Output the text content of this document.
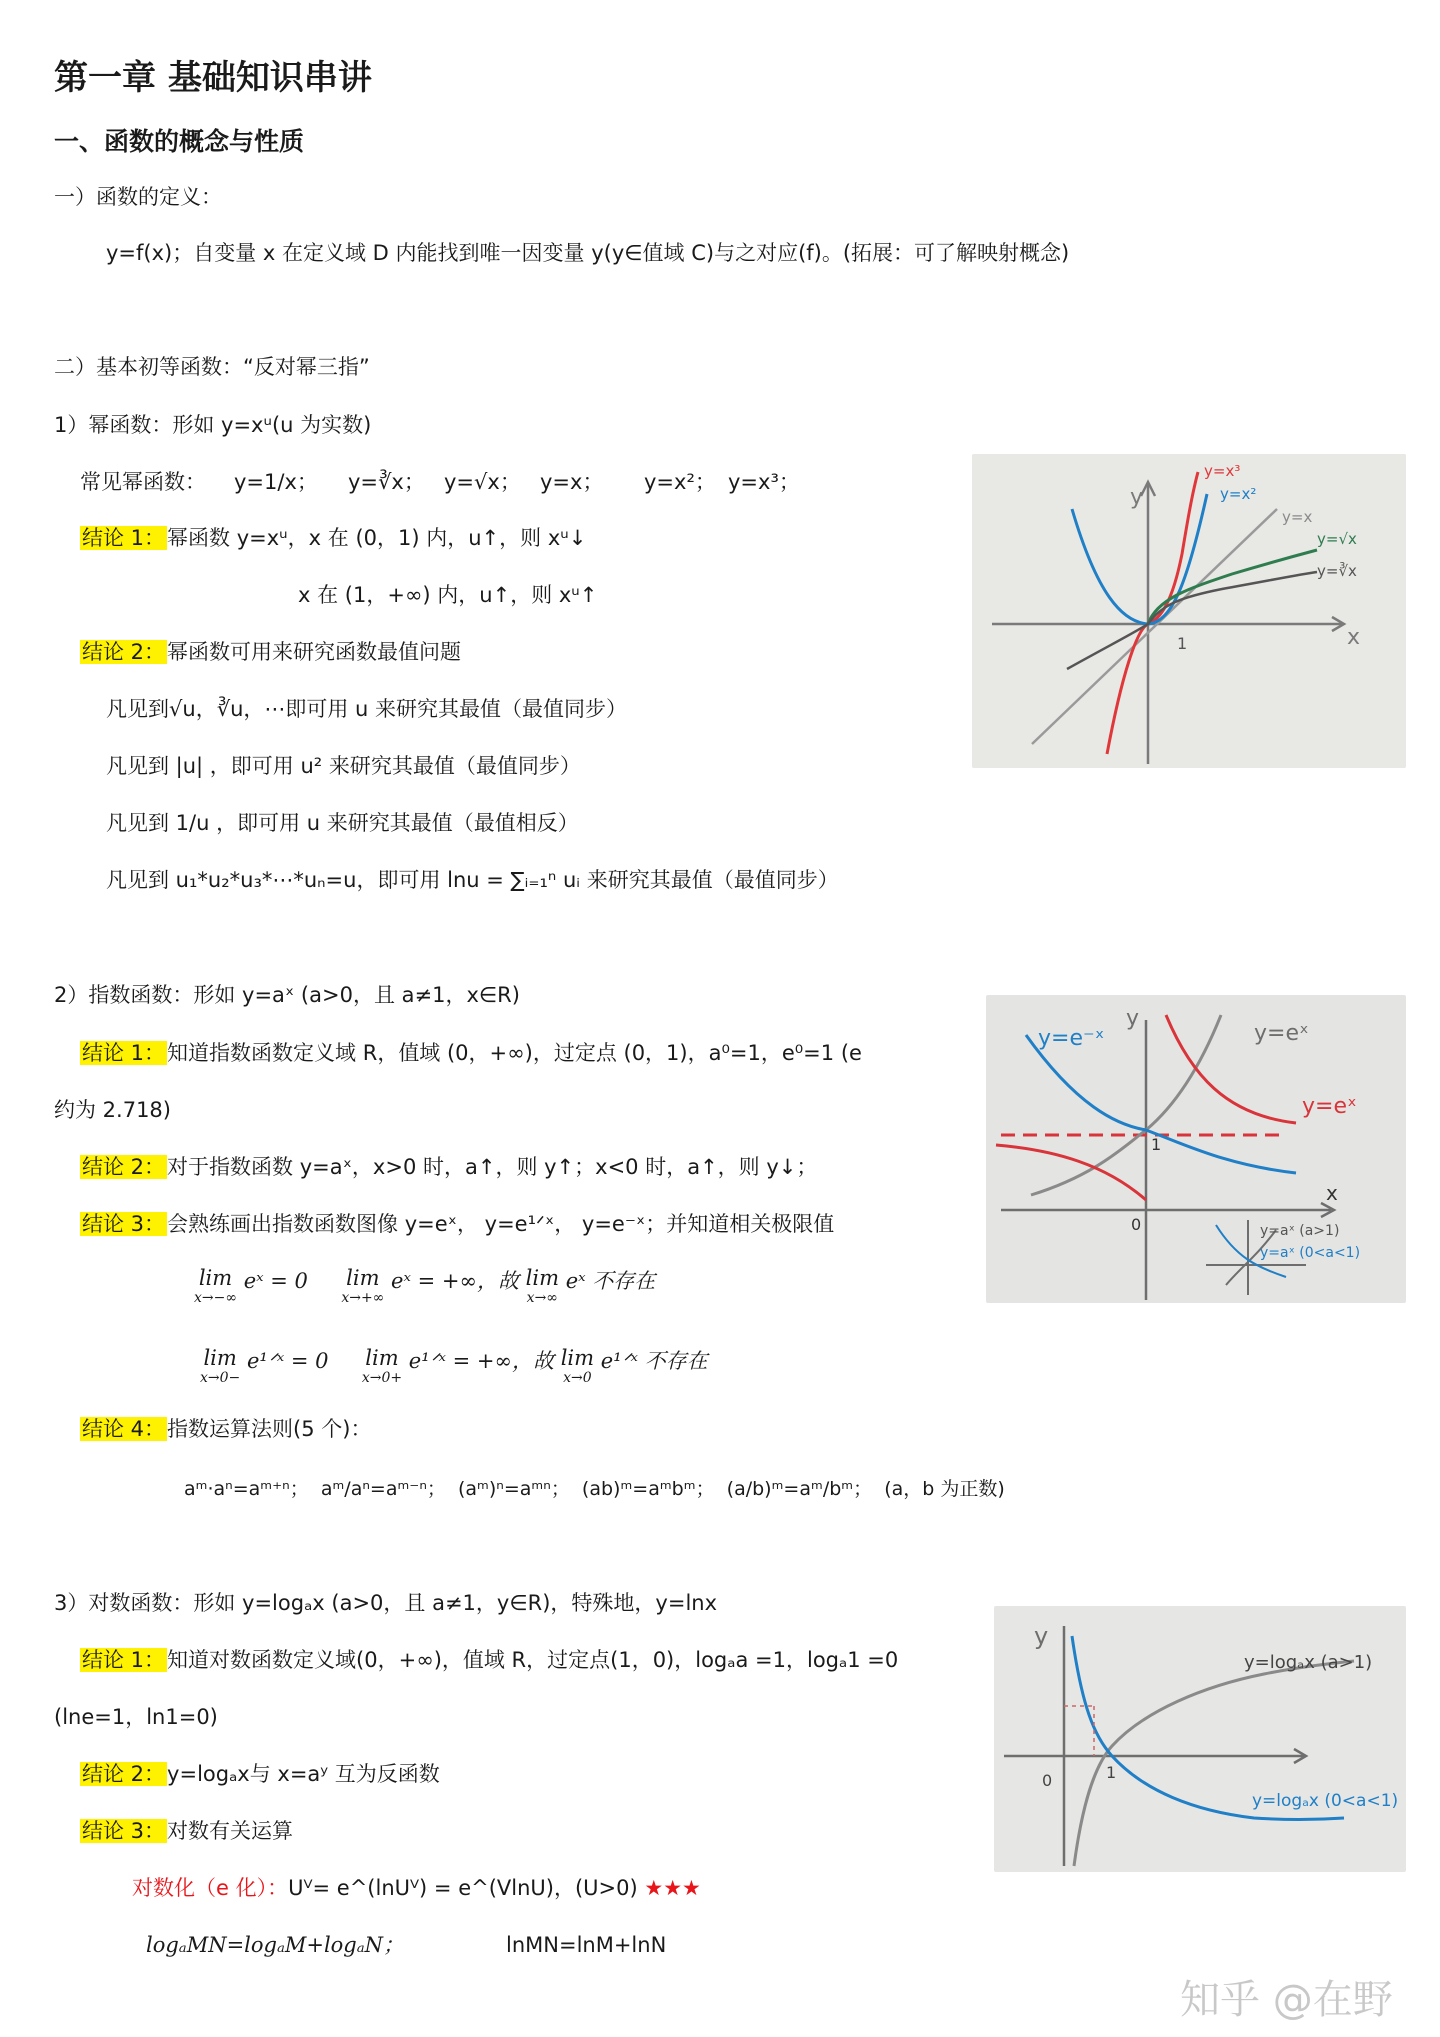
第一章 基础知识串讲
一、函数的概念与性质
一）函数的定义：
y=f(x)；自变量 x 在定义域 D 内能找到唯一因变量 y(y∈值域 C)与之对应(f)。(拓展：可了解映射概念)
二）基本初等函数：“反对幂三指”
1）幂函数：形如 y=xᵘ(u 为实数)
常见幂函数： y=1/x； y=∛x； y=√x； y=x； y=x²； y=x³；
结论 1：幂函数 y=xᵘ，x 在 (0，1) 内，u↑，则 xᵘ↓
x 在 (1，+∞) 内，u↑，则 xᵘ↑
结论 2：幂函数可用来研究函数最值问题
凡见到√u，∛u，⋯即可用 u 来研究其最值（最值同步）
凡见到 |u| ，即可用 u² 来研究其最值（最值同步）
凡见到 1/u ，即可用 u 来研究其最值（最值相反）
凡见到 u₁*u₂*u₃*⋯*uₙ=u，即可用 lnu = ∑ᵢ₌₁ⁿ uᵢ 来研究其最值（最值同步）
y
x
1
y=x³
y=x²
y=x
y=√x
y=∛x
2）指数函数：形如 y=aˣ (a>0，且 a≠1，x∈R)
结论 1：知道指数函数定义域 R，值域 (0，+∞)，过定点 (0，1)，a⁰=1，e⁰=1 (e
约为 2.718)
结论 2：对于指数函数 y=aˣ，x>0 时，a↑，则 y↑；x<0 时，a↑，则 y↓；
结论 3：会熟练画出指数函数图像 y=eˣ， y=e¹ᐟˣ， y=e⁻ˣ；并知道相关极限值
lim
x→−∞
eˣ = 0 lim
x→+∞
eˣ = +∞，故 lim
x→∞
eˣ 不存在
lim
x→0−
e¹ᐟˣ = 0 lim
x→0+
e¹ᐟˣ = +∞，故 lim
x→0
e¹ᐟˣ 不存在
结论 4：指数运算法则(5 个)：
aᵐ·aⁿ=aᵐ⁺ⁿ；  aᵐ/aⁿ=aᵐ⁻ⁿ；  (aᵐ)ⁿ=aᵐⁿ；  (ab)ᵐ=aᵐbᵐ；  (a/b)ᵐ=aᵐ/bᵐ；  (a，b 为正数)
y=e⁻ˣ
y
y=eˣ
y=eˣ
1
0
x
y=aˣ (a>1)
y=aˣ (0<a<1)
3）对数函数：形如 y=logₐx (a>0，且 a≠1，y∈R)，特殊地，y=lnx
结论 1：知道对数函数定义域(0，+∞)，值域 R，过定点(1，0)，logₐa =1，logₐ1 =0
(lne=1，ln1=0)
结论 2：y=logₐx与 x=aʸ 互为反函数
结论 3：对数有关运算
对数化（e 化）：Uⱽ= e^(lnUⱽ) = e^(VlnU)，(U>0) ★★★
logₐMN=logₐM+logₐN；	lnMN=lnM+lnN
y
y=logₐx (a>1)
0	1
y=logₐx (0<a<1)
知乎 @在野
